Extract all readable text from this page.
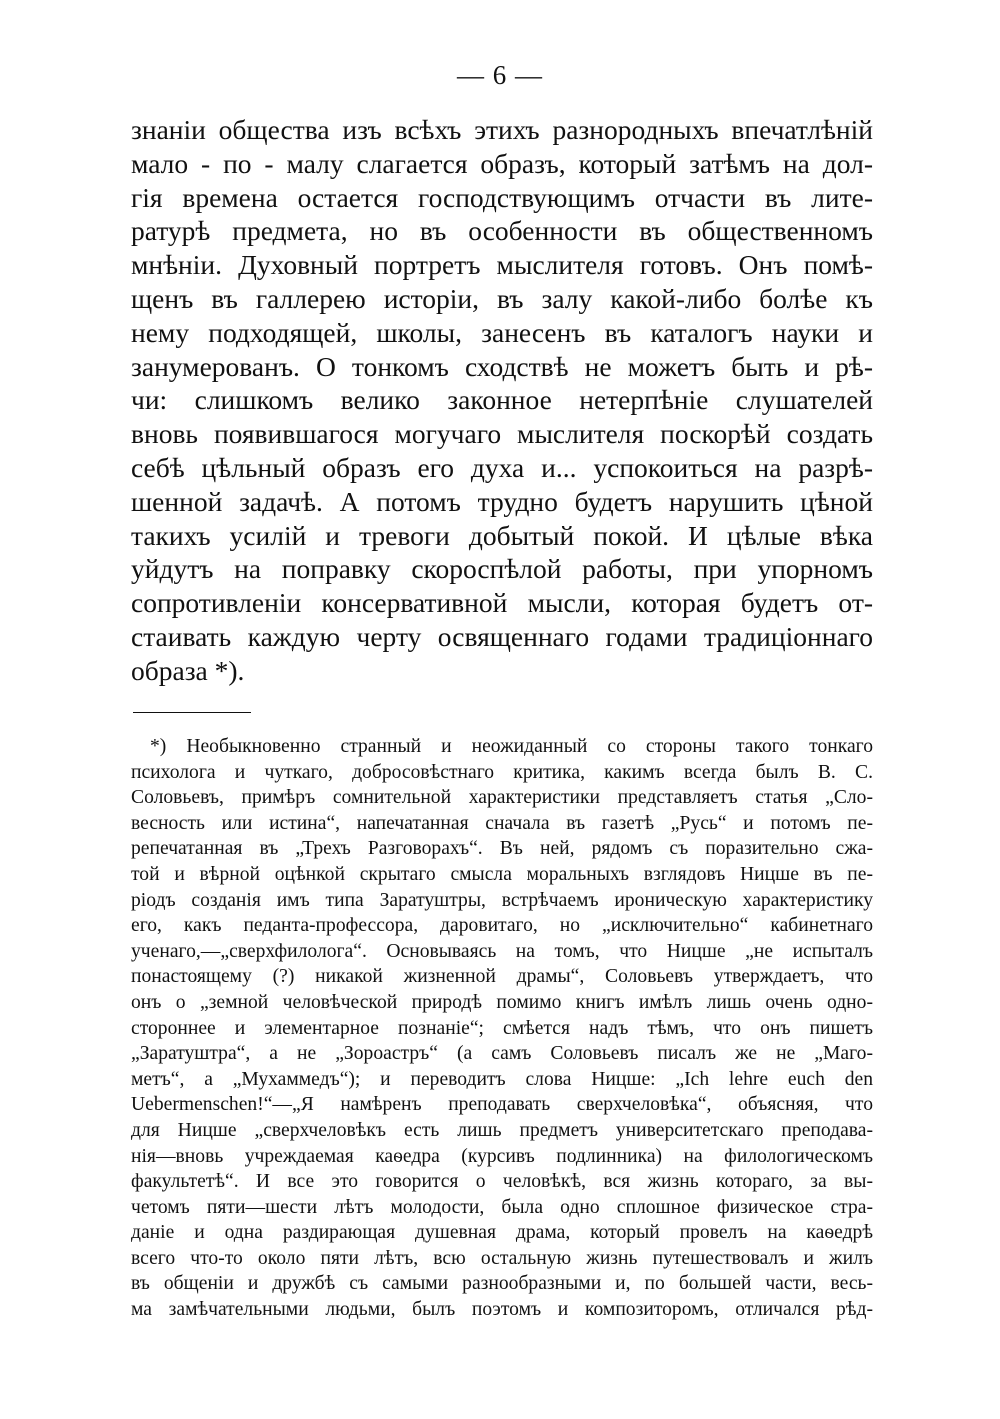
— 6 —
знанiи общества изъ всѣхъ этихъ разнородныхъ впечатлѣнiй
мало - по - малу слагается образъ, который затѣмъ на дол-
гiя времена остается господствующимъ отчасти въ лите-
ратурѣ предмета, но въ особенности въ общественномъ
мнѣнiи. Духовный портретъ мыслителя готовъ. Онъ помѣ-
щенъ въ галлерею исторiи, въ залу какой-либо болѣе къ
нему подходящей, школы, занесенъ въ каталогъ науки и
занумерованъ. О тонкомъ сходствѣ не можетъ быть и рѣ-
чи: слишкомъ велико законное нетерпѣнiе слушателей
вновь появившагося могучаго мыслителя поскорѣй создать
себѣ цѣльный образъ его духа и... успокоиться на разрѣ-
шенной задачѣ. А потомъ трудно будетъ нарушить цѣной
такихъ усилiй и тревоги добытый покой. И цѣлые вѣка
уйдутъ на поправку скороспѣлой работы, при упорномъ
сопротивленiи консервативной мысли, которая будетъ от-
стаивать каждую черту освященнаго годами традицiоннаго
образа *).
*) Необыкновенно странный и неожиданный со стороны такого тонкаго
психолога и чуткаго, добросовѣстнаго критика, какимъ всегда былъ В. С.
Соловьевъ, примѣръ сомнительной характеристики представляетъ статья „Сло-
весность или истина“, напечатанная сначала въ газетѣ „Русь“ и потомъ пе-
репечатанная въ „Трехъ Разговорахъ“. Въ ней, рядомъ съ поразительно сжа-
той и вѣрной оцѣнкой скрытаго смысла моральныхъ взглядовъ Ницше въ пе-
рiодъ созданiя имъ типа Заратуштры, встрѣчаемъ ироническую характеристику
его, какъ педанта-профессора, даровитаго, но „исключительно“ кабинетнаго
ученаго,—„сверхфилолога“. Основываясь на томъ, что Ницше „не испыталъ
понастоящему (?) никакой жизненной драмы“, Соловьевъ утверждаетъ, что
онъ о „земной человѣческой природѣ помимо книгъ имѣлъ лишь очень одно-
стороннее и элементарное познанiе“; смѣется надъ тѣмъ, что онъ пишетъ
„Заратуштра“, а не „Зороастръ“ (а самъ Соловьевъ писалъ же не „Маго-
метъ“, а „Мухаммедъ“); и переводитъ слова Ницше: „Ich lehre euch den
Uebermenschen!“—„Я намѣренъ преподавать сверхчеловѣка“, объясняя, что
для Ницше „сверхчеловѣкъ есть лишь предметъ университетскаго преподава-
нiя—вновь учреждаемая каѳедра (курсивъ подлинника) на филологическомъ
факультетѣ“. И все это говорится о человѣкѣ, вся жизнь котораго, за вы-
четомъ пяти—шести лѣтъ молодости, была одно сплошное физическое стра-
данiе и одна раздирающая душевная драма, который провелъ на каѳедрѣ
всего что-то около пяти лѣтъ, всю остальную жизнь путешествовалъ и жилъ
въ общенiи и дружбѣ съ самыми разнообразными и, по большей части, весь-
ма замѣчательными людьми, былъ поэтомъ и композиторомъ, отличался рѣд-
